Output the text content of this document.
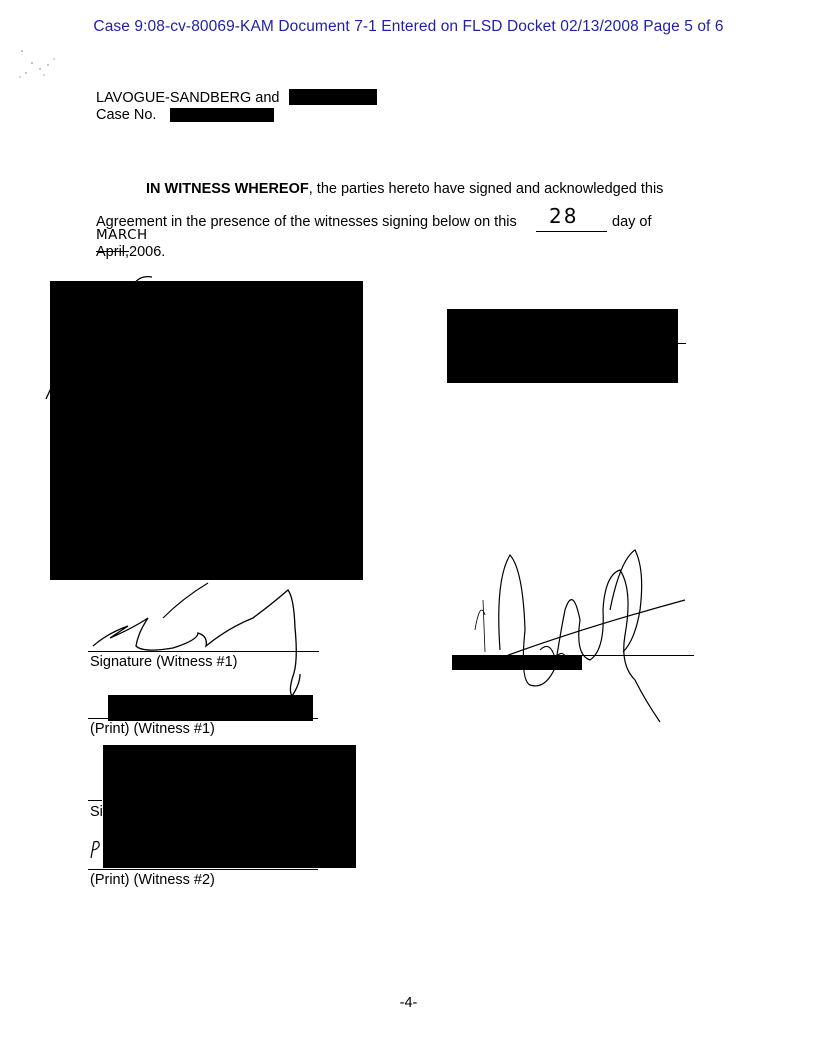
Case 9:08-cv-80069-KAM Document 7-1 Entered on FLSD Docket 02/13/2008 Page 5 of 6
LAVOGUE-SANDBERG and
Case No.
IN WITNESS WHEREOF, the parties hereto have signed and acknowledged this
Agreement in the presence of the witnesses signing below on this 28 day of
MARCH
April,2006.
Signature (Witness #1)
(Print) (Witness #1)
Si
(Print) (Witness #2)
-4-
